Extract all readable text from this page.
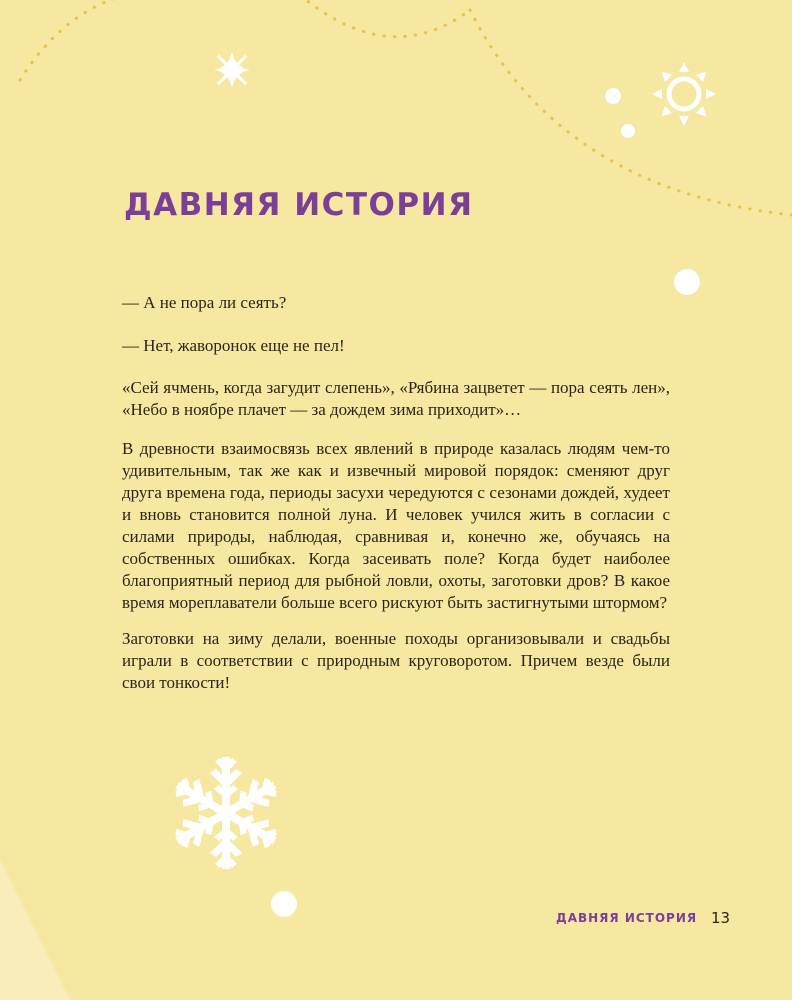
ДАВНЯЯ ИСТОРИЯ

— А не пора ли сеять?

— Нет, жаворонок еще не пел!

«Сей ячмень, когда загудит слепень», «Рябина зацветет — пора сеять лен», «Небо в ноябре плачет — за дождем зима приходит»…

В древности взаимосвязь всех явлений в природе казалась людям чем-то удивительным, так же как и извечный мировой порядок: сменяют друг друга времена года, периоды засухи чередуются с сезонами дождей, худеет и вновь становится полной луна. И человек учился жить в согласии с силами природы, наблюдая, сравнивая и, конечно же, обучаясь на собственных ошибках. Когда засеивать поле? Когда будет наиболее благоприятный период для рыбной ловли, охоты, заготовки дров? В какое время мореплаватели больше всего рискуют быть застигнутыми штормом?

Заготовки на зиму делали, военные походы организовывали и свадьбы играли в соответствии с природным круговоротом. Причем везде были свои тонкости!

ДАВНЯЯ ИСТОРИЯ 13
